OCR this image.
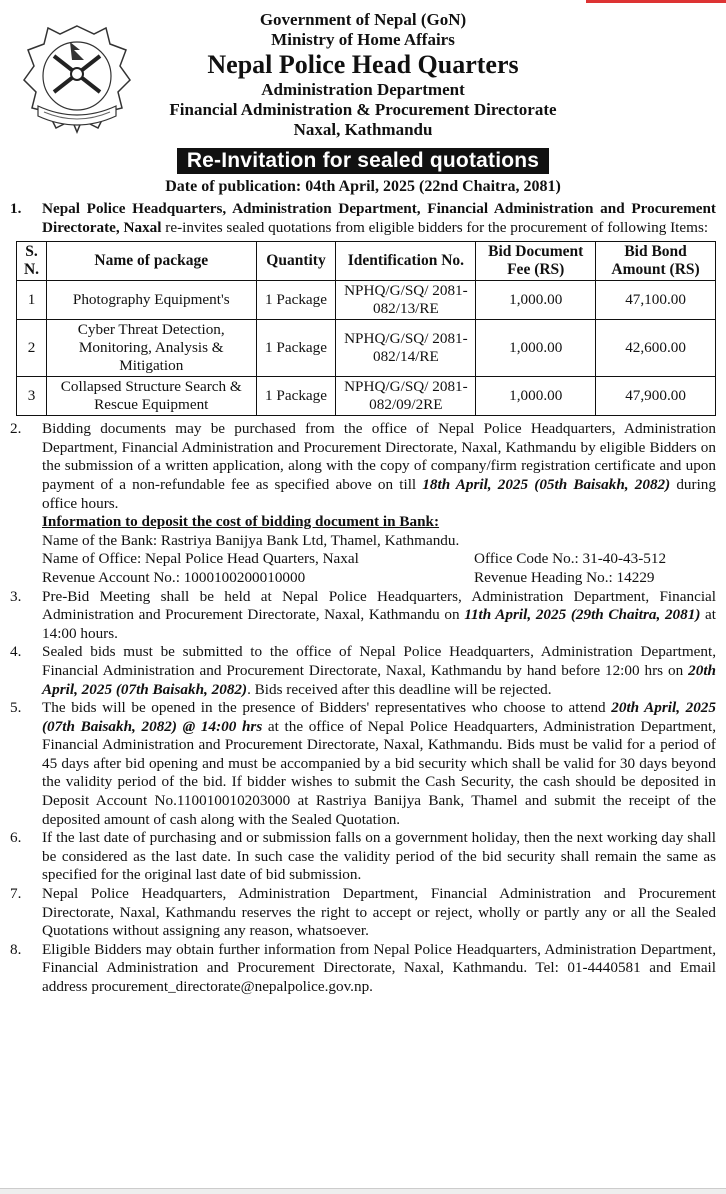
Government of Nepal (GoN)
Ministry of Home Affairs
Nepal Police Head Quarters
Administration Department
Financial Administration & Procurement Directorate
Naxal, Kathmandu
Re-Invitation for sealed quotations
Date of publication: 04th April, 2025 (22nd Chaitra, 2081)
1.	Nepal Police Headquarters, Administration Department, Financial Administration and Procurement Directorate, Naxal re-invites sealed quotations from eligible bidders for the procurement of following Items:
S. N.	Name of package	Quantity	Identification No.	Bid Document Fee (RS)	Bid Bond Amount (RS)
1	Photography Equipment's	1 Package	NPHQ/G/SQ/ 2081-082/13/RE	1,000.00	47,100.00
2	Cyber Threat Detection, Monitoring, Analysis & Mitigation	1 Package	NPHQ/G/SQ/ 2081-082/14/RE	1,000.00	42,600.00
3	Collapsed Structure Search & Rescue Equipment	1 Package	NPHQ/G/SQ/ 2081-082/09/2RE	1,000.00	47,900.00
2.	Bidding documents may be purchased from the office of Nepal Police Headquarters, Administration Department, Financial Administration and Procurement Directorate, Naxal, Kathmandu by eligible Bidders on the submission of a written application, along with the copy of company/firm registration certificate and upon payment of a non-refundable fee as specified above on till 18th April, 2025 (05th Baisakh, 2082) during office hours.
Information to deposit the cost of bidding document in Bank:
Name of the Bank: Rastriya Banijya Bank Ltd, Thamel, Kathmandu.
Name of Office: Nepal Police Head Quarters, Naxal	Office Code No.: 31-40-43-512
Revenue Account No.: 1000100200010000	Revenue Heading No.: 14229
3.	Pre-Bid Meeting shall be held at Nepal Police Headquarters, Administration Department, Financial Administration and Procurement Directorate, Naxal, Kathmandu on 11th April, 2025 (29th Chaitra, 2081) at 14:00 hours.
4.	Sealed bids must be submitted to the office of Nepal Police Headquarters, Administration Department, Financial Administration and Procurement Directorate, Naxal, Kathmandu by hand before 12:00 hrs on 20th April, 2025 (07th Baisakh, 2082). Bids received after this deadline will be rejected.
5.	The bids will be opened in the presence of Bidders' representatives who choose to attend 20th April, 2025 (07th Baisakh, 2082) @ 14:00 hrs at the office of Nepal Police Headquarters, Administration Department, Financial Administration and Procurement Directorate, Naxal, Kathmandu. Bids must be valid for a period of 45 days after bid opening and must be accompanied by a bid security which shall be valid for 30 days beyond the validity period of the bid. If bidder wishes to submit the Cash Security, the cash should be deposited in Deposit Account No.110010010203000 at Rastriya Banijya Bank, Thamel and submit the receipt of the deposited amount of cash along with the Sealed Quotation.
6.	If the last date of purchasing and or submission falls on a government holiday, then the next working day shall be considered as the last date. In such case the validity period of the bid security shall remain the same as specified for the original last date of bid submission.
7.	Nepal Police Headquarters, Administration Department, Financial Administration and Procurement Directorate, Naxal, Kathmandu reserves the right to accept or reject, wholly or partly any or all the Sealed Quotations without assigning any reason, whatsoever.
8.	Eligible Bidders may obtain further information from Nepal Police Headquarters, Administration Department, Financial Administration and Procurement Directorate, Naxal, Kathmandu. Tel: 01-4440581 and Email address procurement_directorate@nepalpolice.gov.np.
